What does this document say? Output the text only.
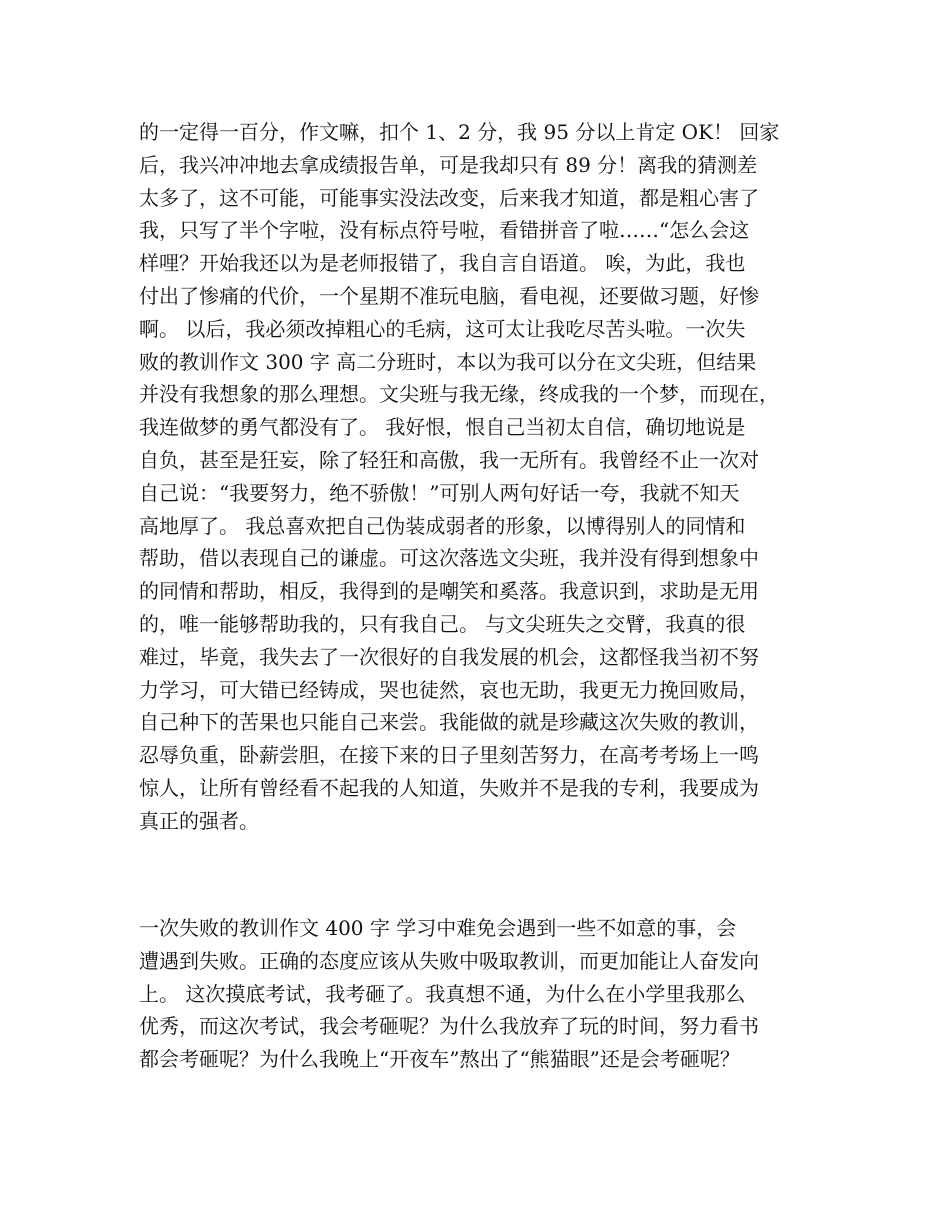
的一定得一百分，作文嘛，扣个 1、2 分，我 95 分以上肯定 OK！ 回家
后，我兴冲冲地去拿成绩报告单，可是我却只有 89 分！离我的猜测差
太多了，这不可能，可能事实没法改变，后来我才知道，都是粗心害了
我，只写了半个字啦，没有标点符号啦，看错拼音了啦……“怎么会这
样哩？开始我还以为是老师报错了，我自言自语道。 唉，为此，我也
付出了惨痛的代价，一个星期不准玩电脑，看电视，还要做习题，好惨
啊。 以后，我必须改掉粗心的毛病，这可太让我吃尽苦头啦。一次失
败的教训作文 300 字 高二分班时，本以为我可以分在文尖班，但结果
并没有我想象的那么理想。文尖班与我无缘，终成我的一个梦，而现在，
我连做梦的勇气都没有了。 我好恨，恨自己当初太自信，确切地说是
自负，甚至是狂妄，除了轻狂和高傲，我一无所有。我曾经不止一次对
自己说：“我要努力，绝不骄傲！”可别人两句好话一夸，我就不知天
高地厚了。 我总喜欢把自己伪装成弱者的形象，以博得别人的同情和
帮助，借以表现自己的谦虚。可这次落选文尖班，我并没有得到想象中
的同情和帮助，相反，我得到的是嘲笑和奚落。我意识到，求助是无用
的，唯一能够帮助我的，只有我自己。 与文尖班失之交臂，我真的很
难过，毕竟，我失去了一次很好的自我发展的机会，这都怪我当初不努
力学习，可大错已经铸成，哭也徒然，哀也无助，我更无力挽回败局，
自己种下的苦果也只能自己来尝。我能做的就是珍藏这次失败的教训，
忍辱负重，卧薪尝胆，在接下来的日子里刻苦努力，在高考考场上一鸣
惊人，让所有曾经看不起我的人知道，失败并不是我的专利，我要成为
真正的强者。
一次失败的教训作文 400 字 学习中难免会遇到一些不如意的事，会
遭遇到失败。正确的态度应该从失败中吸取教训，而更加能让人奋发向
上。 这次摸底考试，我考砸了。我真想不通，为什么在小学里我那么
优秀，而这次考试，我会考砸呢？为什么我放弃了玩的时间，努力看书
都会考砸呢？为什么我晚上“开夜车”熬出了“熊猫眼”还是会考砸呢？
